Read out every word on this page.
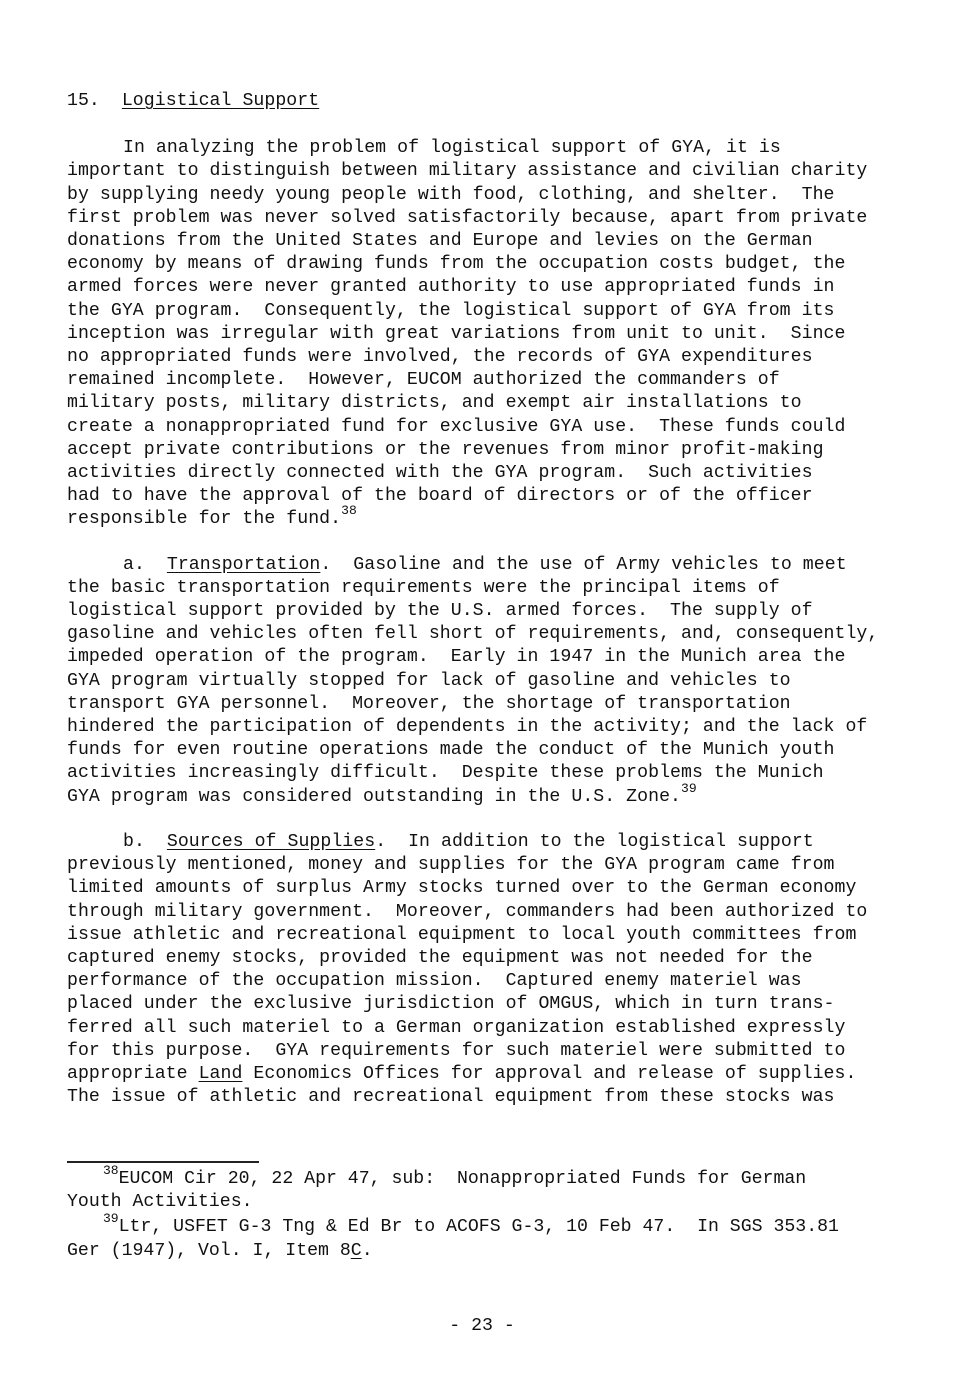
15. Logistical Support

In analyzing the problem of logistical support of GYA, it is
important to distinguish between military assistance and civilian charity
by supplying needy young people with food, clothing, and shelter.  The
first problem was never solved satisfactorily because, apart from private
donations from the United States and Europe and levies on the German
economy by means of drawing funds from the occupation costs budget, the
armed forces were never granted authority to use appropriated funds in
the GYA program.  Consequently, the logistical support of GYA from its
inception was irregular with great variations from unit to unit.  Since
no appropriated funds were involved, the records of GYA expenditures
remained incomplete.  However, EUCOM authorized the commanders of
military posts, military districts, and exempt air installations to
create a nonappropriated fund for exclusive GYA use.  These funds could
accept private contributions or the revenues from minor profit-making
activities directly connected with the GYA program.  Such activities
had to have the approval of the board of directors or of the officer
responsible for the fund.$^{38}$

a. Transportation.  Gasoline and the use of Army vehicles to meet
the basic transportation requirements were the principal items of
logistical support provided by the U.S. armed forces.  The supply of
gasoline and vehicles often fell short of requirements, and, consequently,
impeded operation of the program.  Early in 1947 in the Munich area the
GYA program virtually stopped for lack of gasoline and vehicles to
transport GYA personnel.  Moreover, the shortage of transportation
hindered the participation of dependents in the activity; and the lack of
funds for even routine operations made the conduct of the Munich youth
activities increasingly difficult.  Despite these problems the Munich
GYA program was considered outstanding in the U.S. Zone.$^{39}$

b. Sources of Supplies.  In addition to the logistical support
previously mentioned, money and supplies for the GYA program came from
limited amounts of surplus Army stocks turned over to the German economy
through military government.  Moreover, commanders had been authorized to
issue athletic and recreational equipment to local youth committees from
captured enemy stocks, provided the equipment was not needed for the
performance of the occupation mission.  Captured enemy materiel was
placed under the exclusive jurisdiction of OMGUS, which in turn trans-
ferred all such materiel to a German organization established expressly
for this purpose.  GYA requirements for such materiel were submitted to
appropriate Land Economics Offices for approval and release of supplies.
The issue of athletic and recreational equipment from these stocks was

$^{38}$EUCOM Cir 20, 22 Apr 47, sub:  Nonappropriated Funds for German
Youth Activities.

$^{39}$Ltr, USFET G-3 Tng & Ed Br to ACOFS G-3, 10 Feb 47.  In SGS 353.81
Ger (1947), Vol. I, Item 8C.

- 23 -
